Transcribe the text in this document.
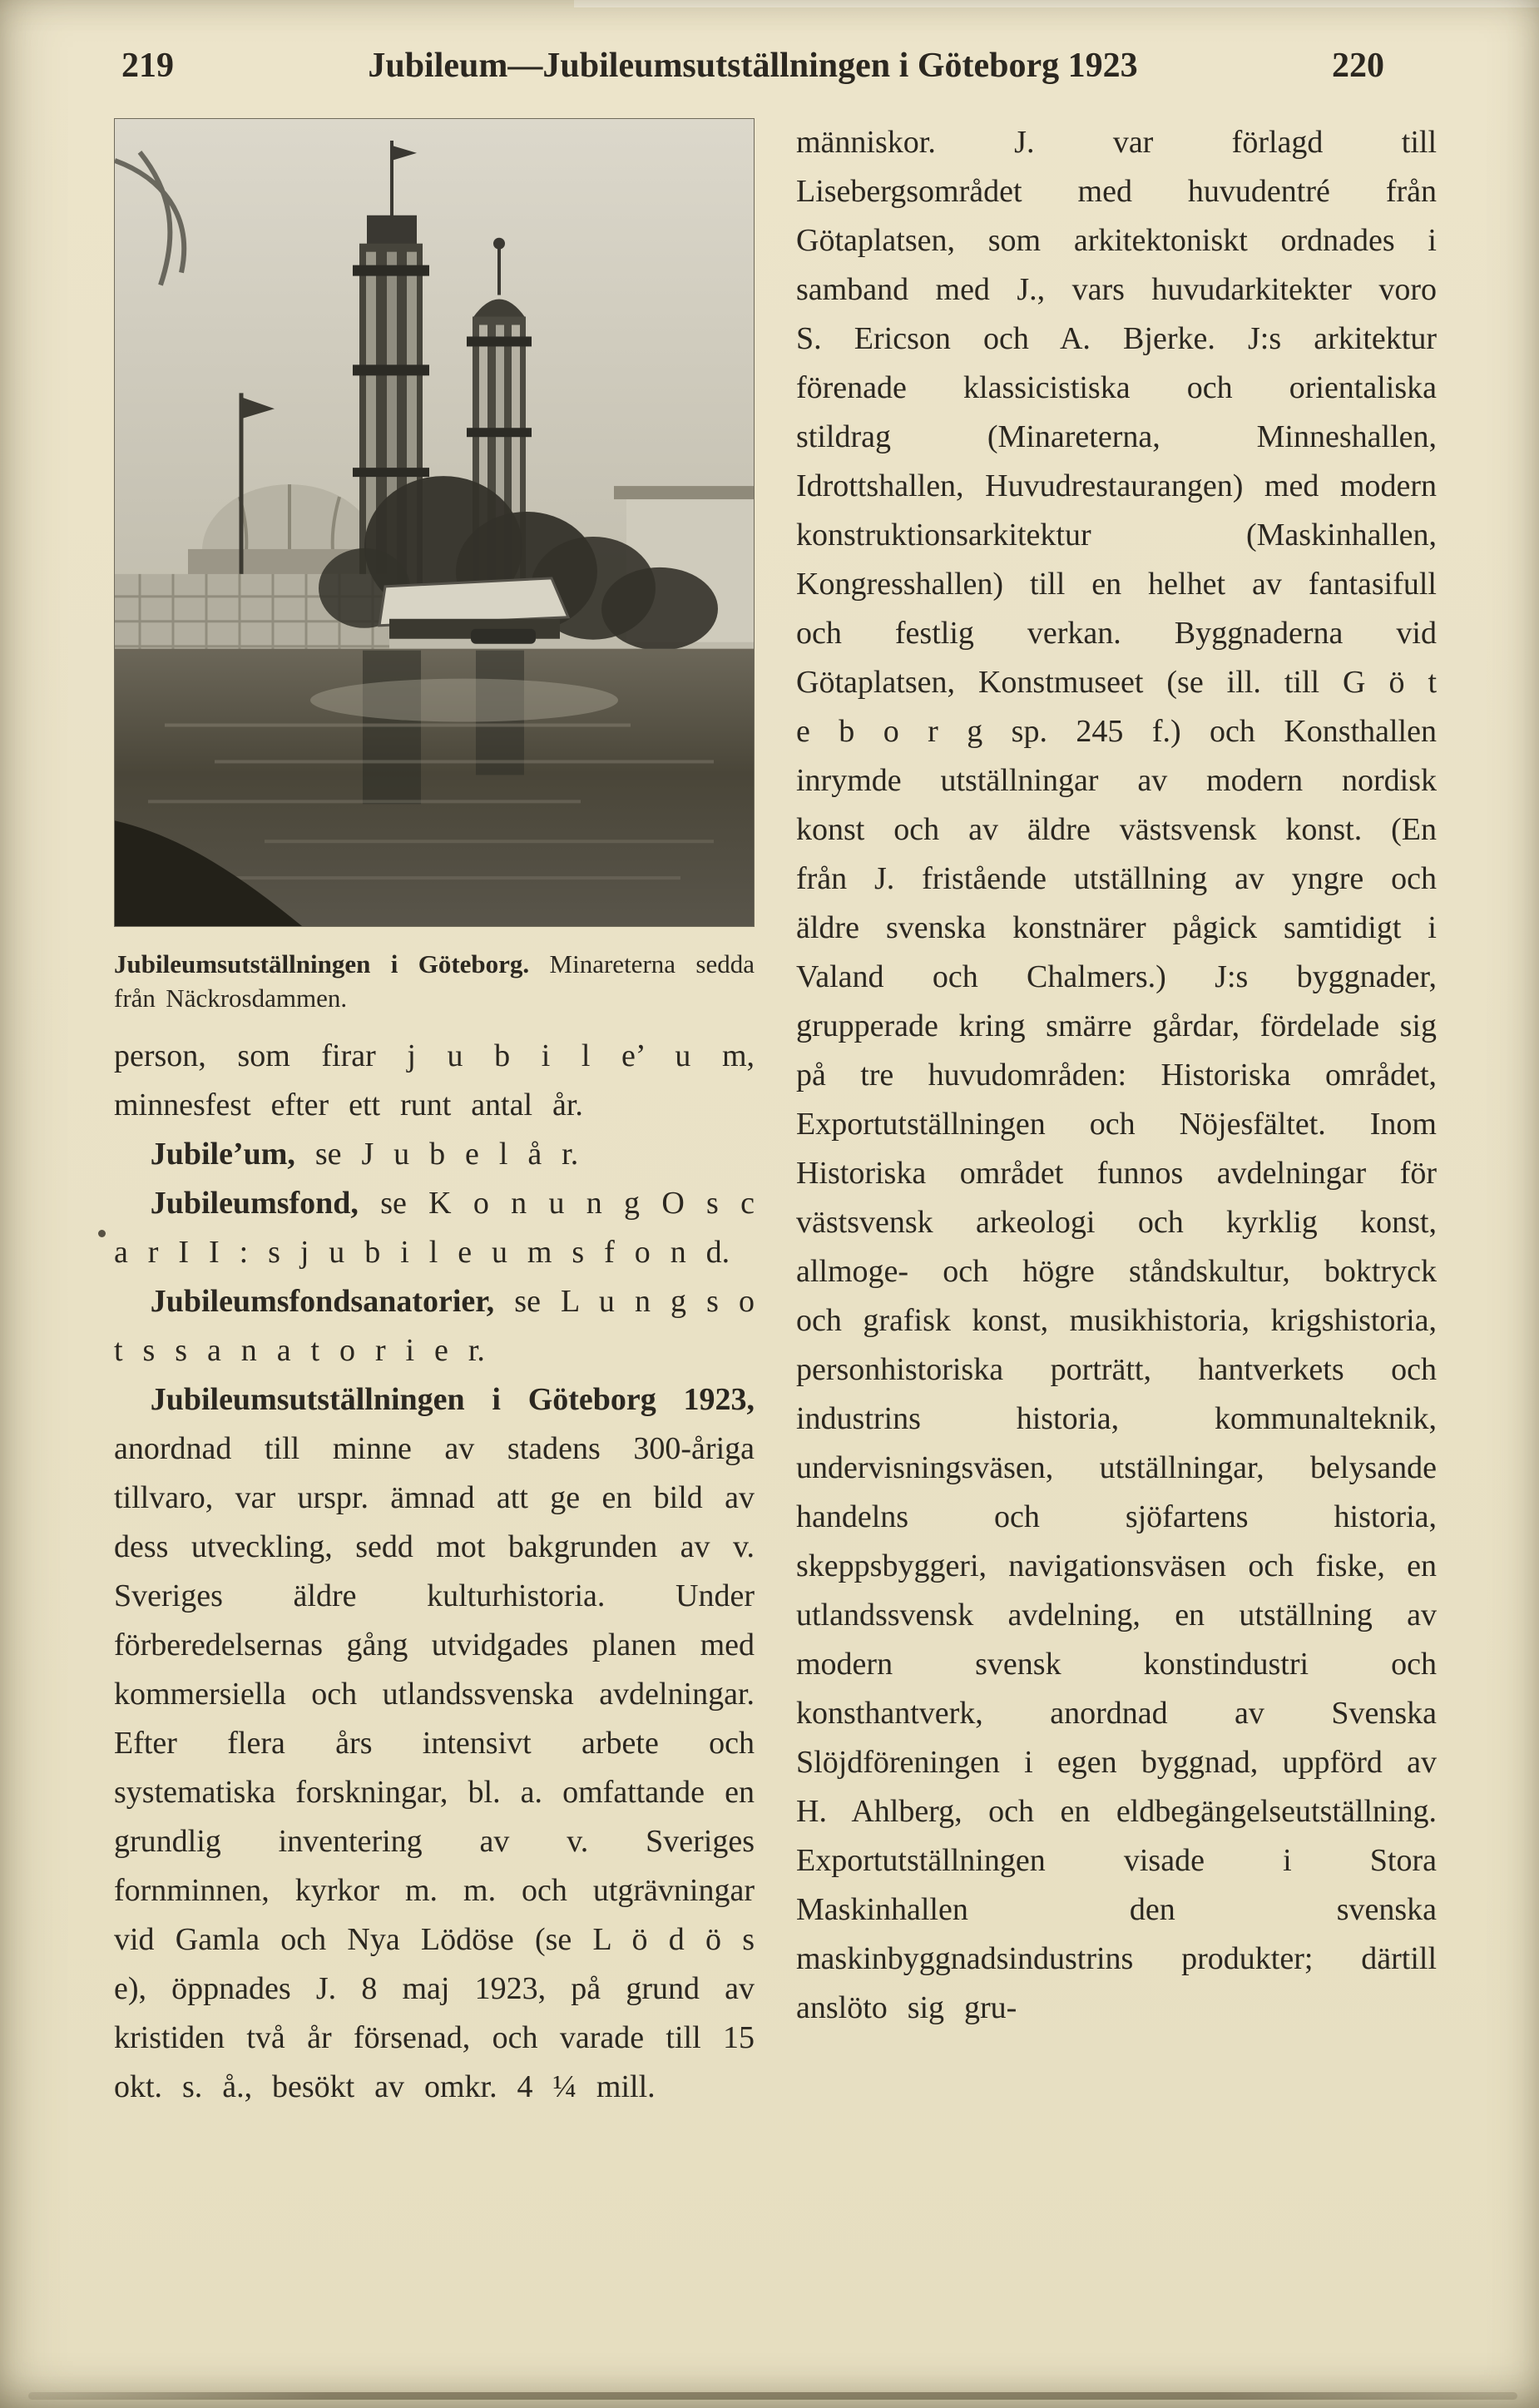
219	Jubileum—Jubileumsutställningen i Göteborg 1923	220
Jubileumsutställningen i Göteborg. Minareterna sedda från Näckrosdammen.

person, som firar j u b i l e’ u m, minnesfest efter ett runt antal år.

Jubile’um, se J u b e l å r.

Jubileumsfond, se K o n u n g O s c a r I I : s j u b i l e u m s f o n d.

Jubileumsfondsanatorier, se L u n g s o t s s a n a t o r i e r.

Jubileumsutställningen i Göteborg 1923, anordnad till minne av stadens 300-åriga tillvaro, var urspr. ämnad att ge en bild av dess utveckling, sedd mot bakgrunden av v. Sveriges äldre kulturhistoria. Under förberedelsernas gång utvidgades planen med kommersiella och utlandssvenska avdelningar. Efter flera års intensivt arbete och systematiska forskningar, bl. a. omfattande en grundlig inventering av v. Sveriges fornminnen, kyrkor m. m. och utgrävningar vid Gamla och Nya Lödöse (se L ö d ö s e), öppnades J. 8 maj 1923, på grund av kristiden två år försenad, och varade till 15 okt. s. å., besökt av omkr. 4 ¼ mill.

människor. J. var förlagd till Lisebergsområdet med huvudentré från Götaplatsen, som arkitektoniskt ordnades i samband med J., vars huvudarkitekter voro S. Ericson och A. Bjerke. J:s arkitektur förenade klassicistiska och orientaliska stildrag (Minareterna, Minneshallen, Idrottshallen, Huvudrestaurangen) med modern konstruktionsarkitektur (Maskinhallen, Kongresshallen) till en helhet av fantasifull och festlig verkan. Byggnaderna vid Götaplatsen, Konstmuseet (se ill. till G ö t e b o r g sp. 245 f.) och Konsthallen inrymde utställningar av modern nordisk konst och av äldre västsvensk konst. (En från J. fristående utställning av yngre och äldre svenska konstnärer pågick samtidigt i Valand och Chalmers.) J:s byggnader, grupperade kring smärre gårdar, fördelade sig på tre huvudområden: Historiska området, Exportutställningen och Nöjesfältet. Inom Historiska området funnos avdelningar för västsvensk arkeologi och kyrklig konst, allmoge- och högre ståndskultur, boktryck och grafisk konst, musikhistoria, krigshistoria, personhistoriska porträtt, hantverkets och industrins historia, kommunalteknik, undervisningsväsen, utställningar, belysande handelns och sjöfartens historia, skeppsbyggeri, navigationsväsen och fiske, en utlandssvensk avdelning, en utställning av modern svensk konstindustri och konsthantverk, anordnad av Svenska Slöjdföreningen i egen byggnad, uppförd av H. Ahlberg, och en eldbegängelseutställning. Exportutställningen visade i Stora Maskinhallen den svenska maskinbyggnadsindustrins produkter; därtill anslöto sig gru-
